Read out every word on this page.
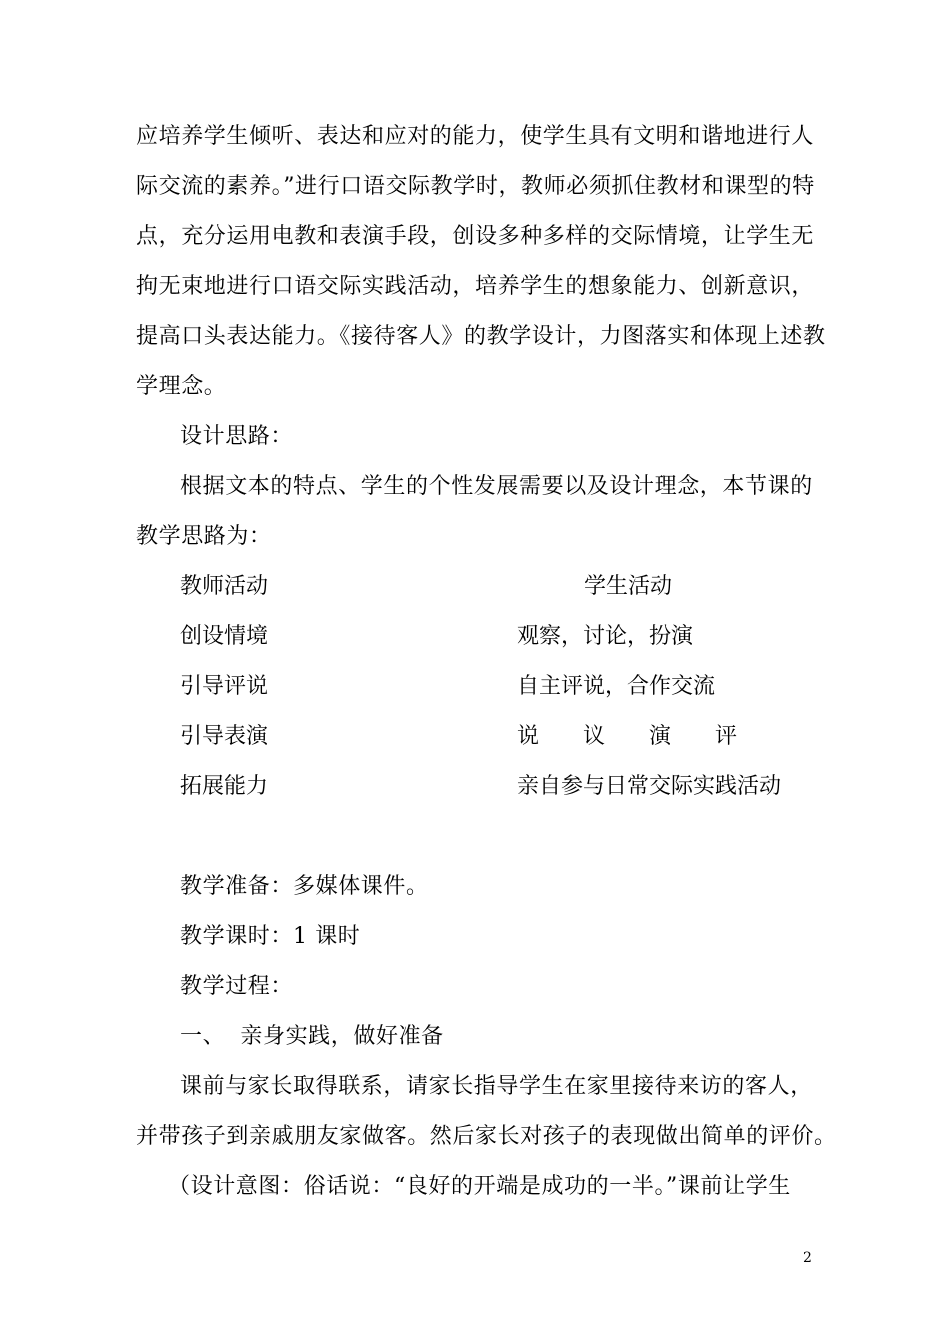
应培养学生倾听、表达和应对的能力，使学生具有文明和谐地进行人
际交流的素养。”进行口语交际教学时，教师必须抓住教材和课型的特
点，充分运用电教和表演手段，创设多种多样的交际情境，让学生无
拘无束地进行口语交际实践活动，培养学生的想象能力、创新意识，
提高口头表达能力。《接待客人》的教学设计，力图落实和体现上述教
学理念。
设计思路：
根据文本的特点、学生的个性发展需要以及设计理念，本节课的
教学思路为：
教师活动	学生活动
创设情境	观察，讨论，扮演
引导评说	自主评说，合作交流
引导表演	说 议 演 评
拓展能力	亲自参与日常交际实践活动
教学准备：多媒体课件。
教学课时：1 课时
教学过程：
一、  亲身实践，做好准备
课前与家长取得联系，请家长指导学生在家里接待来访的客人，
并带孩子到亲戚朋友家做客。然后家长对孩子的表现做出简单的评价。
（设计意图：俗话说：“良好的开端是成功的一半。”课前让学生
2
